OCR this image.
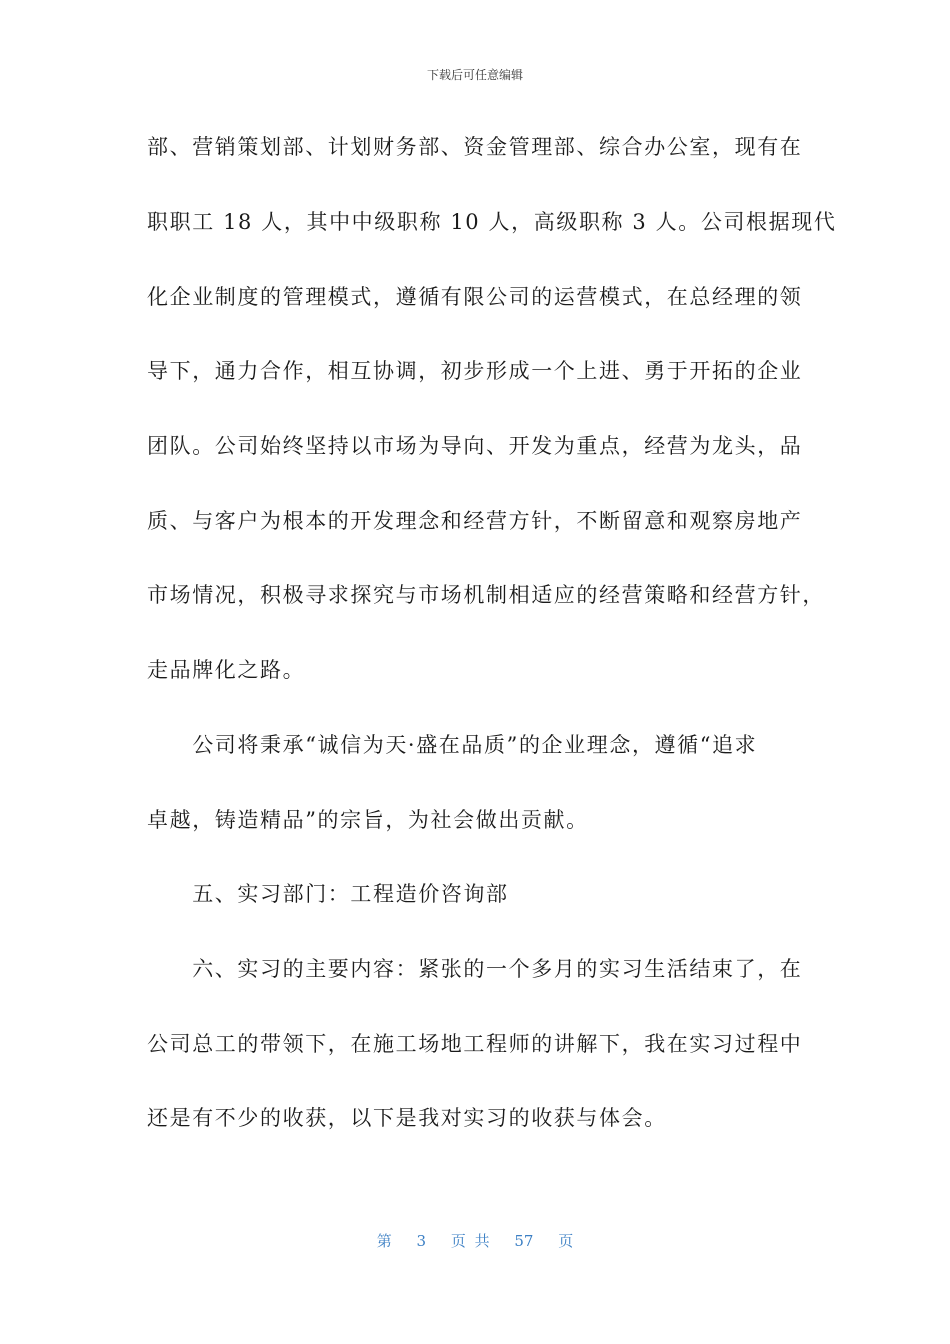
下载后可任意编辑
部、营销策划部、计划财务部、资金管理部、综合办公室，现有在
职职工 18 人，其中中级职称 10 人，高级职称 3 人。公司根据现代
化企业制度的管理模式，遵循有限公司的运营模式，在总经理的领
导下，通力合作，相互协调，初步形成一个上进、勇于开拓的企业
团队。公司始终坚持以市场为导向、开发为重点，经营为龙头，品
质、与客户为根本的开发理念和经营方针，不断留意和观察房地产
市场情况，积极寻求探究与市场机制相适应的经营策略和经营方针，
走品牌化之路。
　　公司将秉承“诚信为天·盛在品质”的企业理念，遵循“追求
卓越，铸造精品”的宗旨，为社会做出贡献。
　　五、实习部门：工程造价咨询部
　　六、实习的主要内容：紧张的一个多月的实习生活结束了，在
公司总工的带领下，在施工场地工程师的讲解下，我在实习过程中
还是有不少的收获，以下是我对实习的收获与体会。
第 3 页 共 57 页
